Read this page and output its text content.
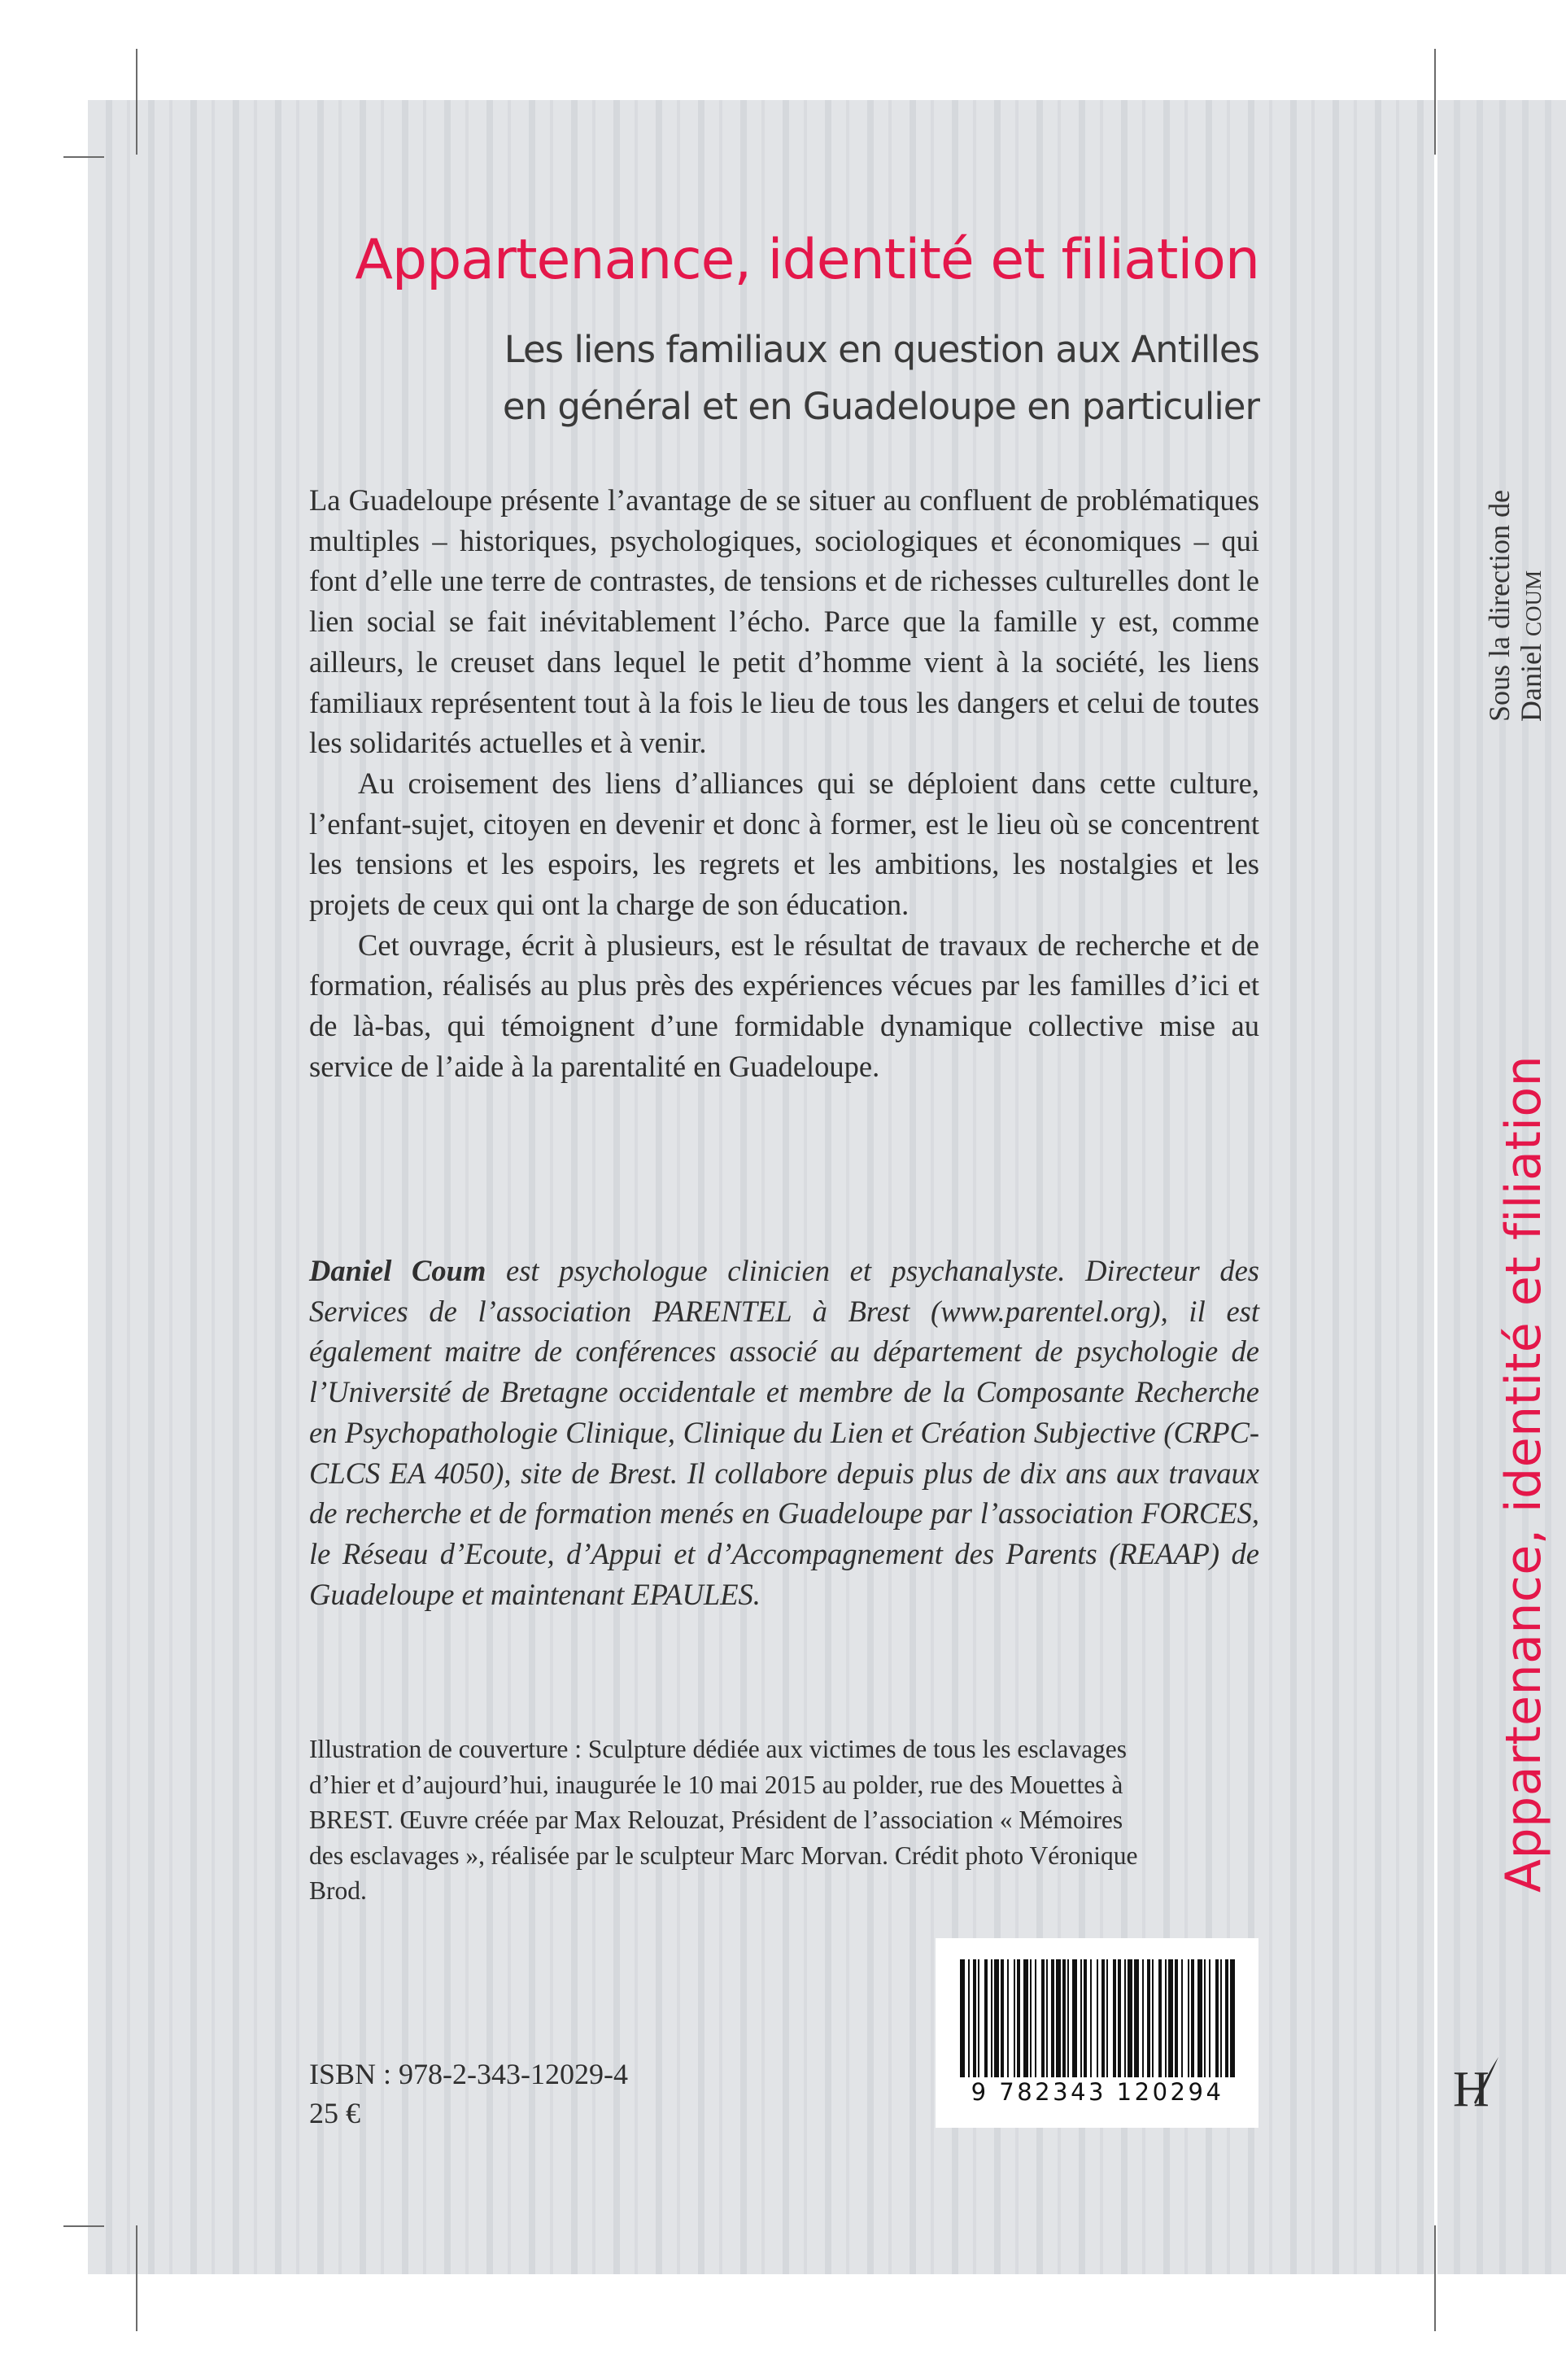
Appartenance, identité et filiation
Les liens familiaux en question aux Antilles
en général et en Guadeloupe en particulier

La Guadeloupe présente l’avantage de se situer au confluent de problématiques multiples – historiques, psychologiques, sociologiques et économiques – qui font d’elle une terre de contrastes, de tensions et de richesses culturelles dont le lien social se fait inévitablement l’écho. Parce que la famille y est, comme ailleurs, le creuset dans lequel le petit d’homme vient à la société, les liens familiaux représentent tout à la fois le lieu de tous les dangers et celui de toutes les solidarités actuelles et à venir.

Au croisement des liens d’alliances qui se déploient dans cette culture, l’enfant-sujet, citoyen en devenir et donc à former, est le lieu où se concentrent les tensions et les espoirs, les regrets et les ambitions, les nostalgies et les projets de ceux qui ont la charge de son éducation.

Cet ouvrage, écrit à plusieurs, est le résultat de travaux de recherche et de formation, réalisés au plus près des expériences vécues par les familles d’ici et de là-bas, qui témoignent d’une formidable dynamique collective mise au service de l’aide à la parentalité en Guadeloupe.

Daniel Coum est psychologue clinicien et psychanalyste. Directeur des Services de l’association PARENTEL à Brest (www.parentel.org), il est également maitre de conférences associé au département de psychologie de l’Université de Bretagne occidentale et membre de la Composante Recherche en Psychopathologie Clinique, Clinique du Lien et Création Subjective (CRPC-CLCS EA 4050), site de Brest. Il collabore depuis plus de dix ans aux travaux de recherche et de formation menés en Guadeloupe par l’association FORCES, le Réseau d’Ecoute, d’Appui et d’Accompagnement des Parents (REAAP) de Guadeloupe et maintenant EPAULES.

Illustration de couverture : Sculpture dédiée aux victimes de tous les esclavages d’hier et d’aujourd’hui, inaugurée le 10 mai 2015 au polder, rue des Mouettes à BREST. Œuvre créée par Max Relouzat, Président de l’association « Mémoires des esclavages », réalisée par le sculpteur Marc Morvan. Crédit photo Véronique Brod.

ISBN : 978-2-343-12029-4
25 €

9 782343 120294

Sous la direction de Daniel COUM
Appartenance, identité et filiation
H
